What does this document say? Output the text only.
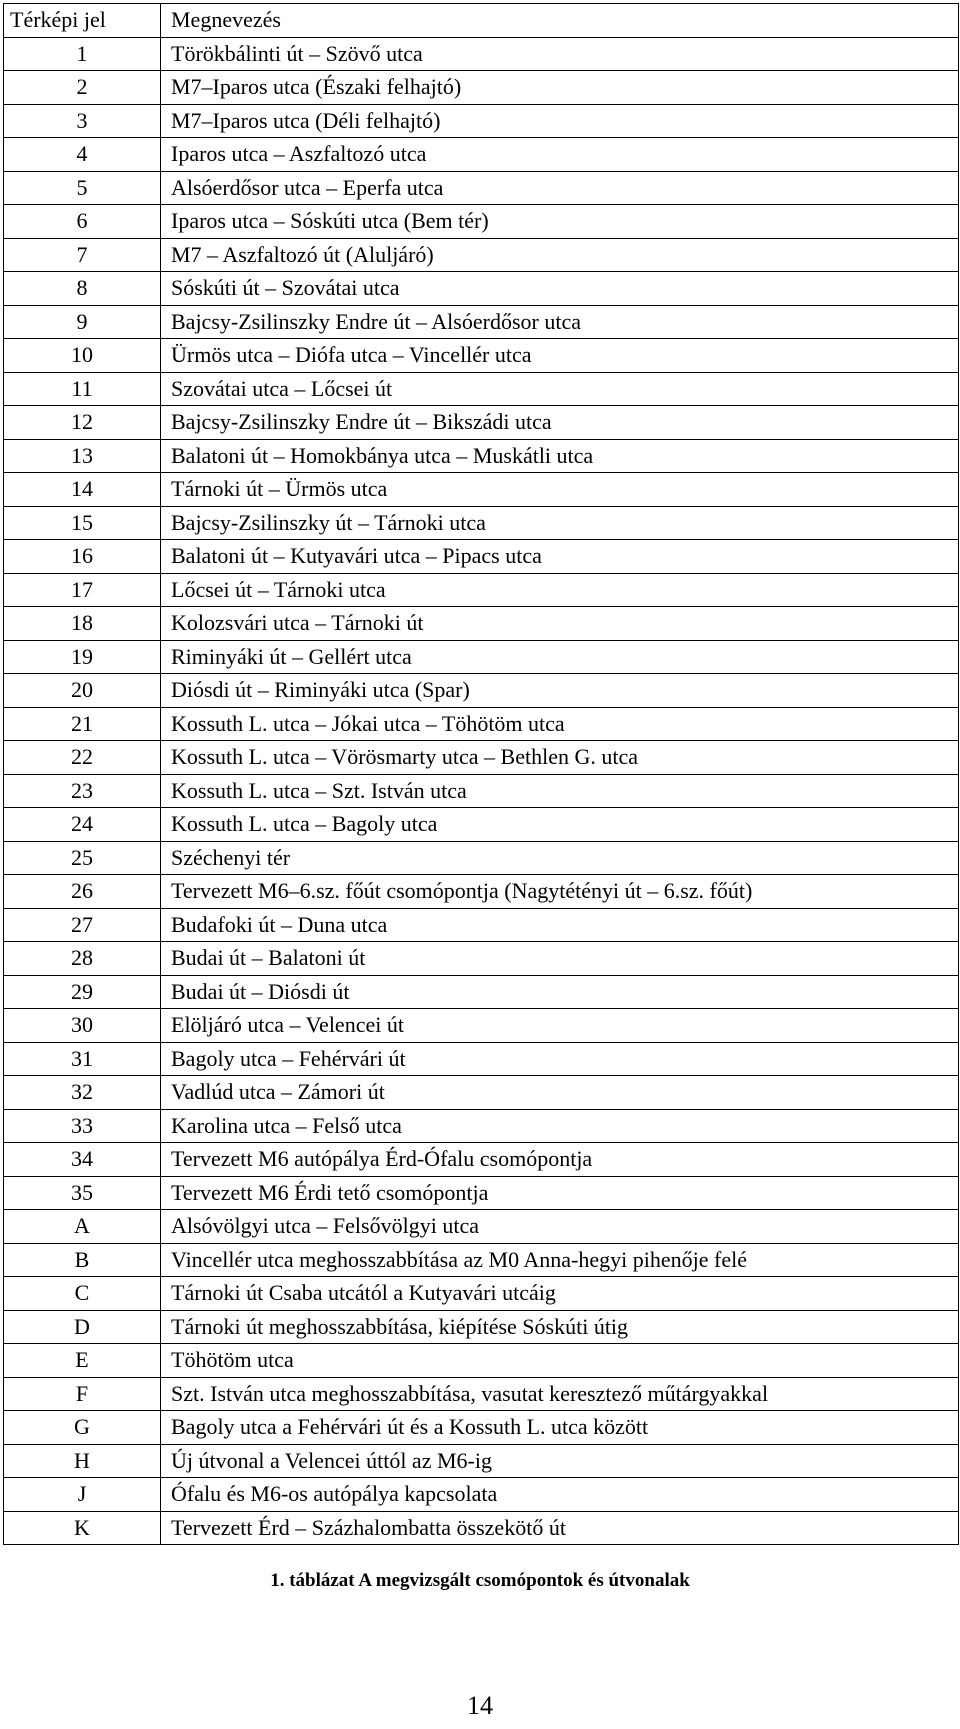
Térképi jel	Megnevezés
1	Törökbálinti út – Szövő utca
2	M7–Iparos utca (Északi felhajtó)
3	M7–Iparos utca (Déli felhajtó)
4	Iparos utca – Aszfaltozó utca
5	Alsóerdősor utca – Eperfa utca
6	Iparos utca – Sóskúti utca (Bem tér)
7	M7 – Aszfaltozó út (Aluljáró)
8	Sóskúti út – Szovátai utca
9	Bajcsy-Zsilinszky Endre út – Alsóerdősor utca
10	Ürmös utca – Diófa utca – Vincellér utca
11	Szovátai utca – Lőcsei út
12	Bajcsy-Zsilinszky Endre út – Bikszádi utca
13	Balatoni út – Homokbánya utca – Muskátli utca
14	Tárnoki út – Ürmös utca
15	Bajcsy-Zsilinszky út – Tárnoki utca
16	Balatoni út – Kutyavári utca – Pipacs utca
17	Lőcsei út – Tárnoki utca
18	Kolozsvári utca – Tárnoki út
19	Riminyáki út – Gellért utca
20	Diósdi út – Riminyáki utca (Spar)
21	Kossuth L. utca – Jókai utca – Töhötöm utca
22	Kossuth L. utca – Vörösmarty utca – Bethlen G. utca
23	Kossuth L. utca – Szt. István utca
24	Kossuth L. utca – Bagoly utca
25	Széchenyi tér
26	Tervezett M6–6.sz. főút csomópontja (Nagytétényi út – 6.sz. főút)
27	Budafoki út – Duna utca
28	Budai út – Balatoni út
29	Budai út – Diósdi út
30	Elöljáró utca – Velencei út
31	Bagoly utca – Fehérvári út
32	Vadlúd utca – Zámori út
33	Karolina utca – Felső utca
34	Tervezett M6 autópálya Érd-Ófalu csomópontja
35	Tervezett M6 Érdi tető csomópontja
A	Alsóvölgyi utca – Felsővölgyi utca
B	Vincellér utca meghosszabbítása az M0 Anna-hegyi pihenője felé
C	Tárnoki út Csaba utcától a Kutyavári utcáig
D	Tárnoki út meghosszabbítása, kiépítése Sóskúti útig
E	Töhötöm utca
F	Szt. István utca meghosszabbítása, vasutat keresztező műtárgyakkal
G	Bagoly utca a Fehérvári út és a Kossuth L. utca között
H	Új útvonal a Velencei úttól az M6-ig
J	Ófalu és M6-os autópálya kapcsolata
K	Tervezett Érd – Százhalombatta összekötő út
1. táblázat A megvizsgált csomópontok és útvonalak
14
